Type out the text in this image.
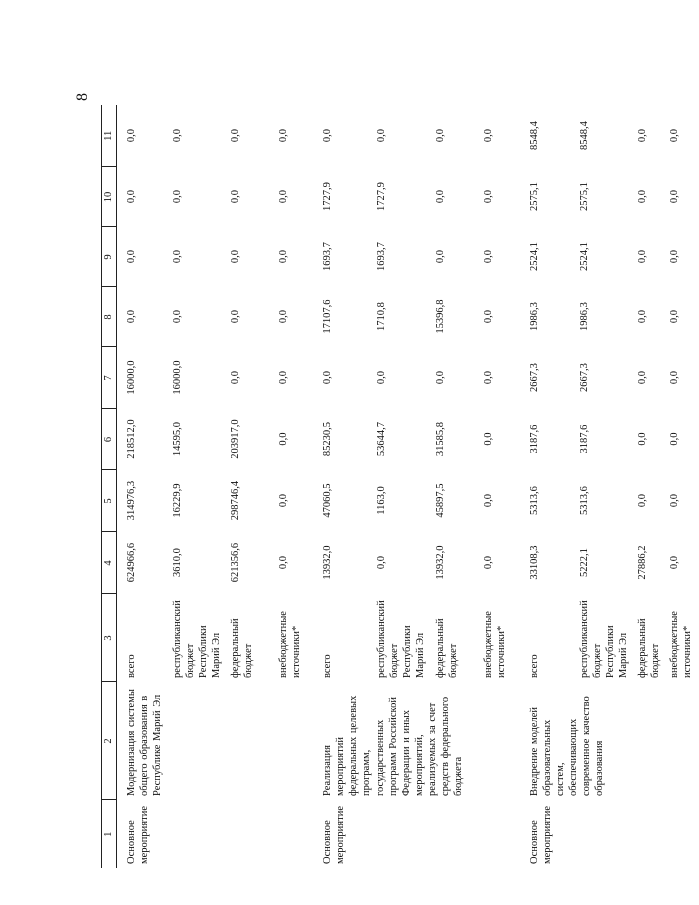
8
1	2	3	4	5	6	7	8	9	10	11
Основное мероприятие	Модернизация системы общего образования в Республике Марий Эл	всего	624966,6	314976,3	218512,0	16000,0	0,0	0,0	0,0	0,0
		республиканский бюджет Республики Марий Эл	3610,0	16229,9	14595,0	16000,0	0,0	0,0	0,0	0,0
		федеральный бюджет	621356,6	298746,4	203917,0	0,0	0,0	0,0	0,0	0,0
		внебюджетные источники*	0,0	0,0	0,0	0,0	0,0	0,0	0,0	0,0
Основное мероприятие	Реализация мероприятий федеральных целевых программ, государственных программ Российской Федерации и иных мероприятий, реализуемых за счет средств федерального бюджета	всего	13932,0	47060,5	85230,5	0,0	17107,6	1693,7	1727,9	0,0
		республиканский бюджет Республики Марий Эл	0,0	1163,0	53644,7	0,0	1710,8	1693,7	1727,9	0,0
		федеральный бюджет	13932,0	45897,5	31585,8	0,0	15396,8	0,0	0,0	0,0
		внебюджетные источники*	0,0	0,0	0,0	0,0	0,0	0,0	0,0	0,0
Основное мероприятие	Внедрение моделей образовательных систем, обеспечивающих современное качество образования	всего	33108,3	5313,6	3187,6	2667,3	1986,3	2524,1	2575,1	8548,4
		республиканский бюджет Республики Марий Эл	5222,1	5313,6	3187,6	2667,3	1986,3	2524,1	2575,1	8548,4
		федеральный бюджет	27886,2	0,0	0,0	0,0	0,0	0,0	0,0	0,0
		внебюджетные источники*	0,0	0,0	0,0	0,0	0,0	0,0	0,0	0,0
